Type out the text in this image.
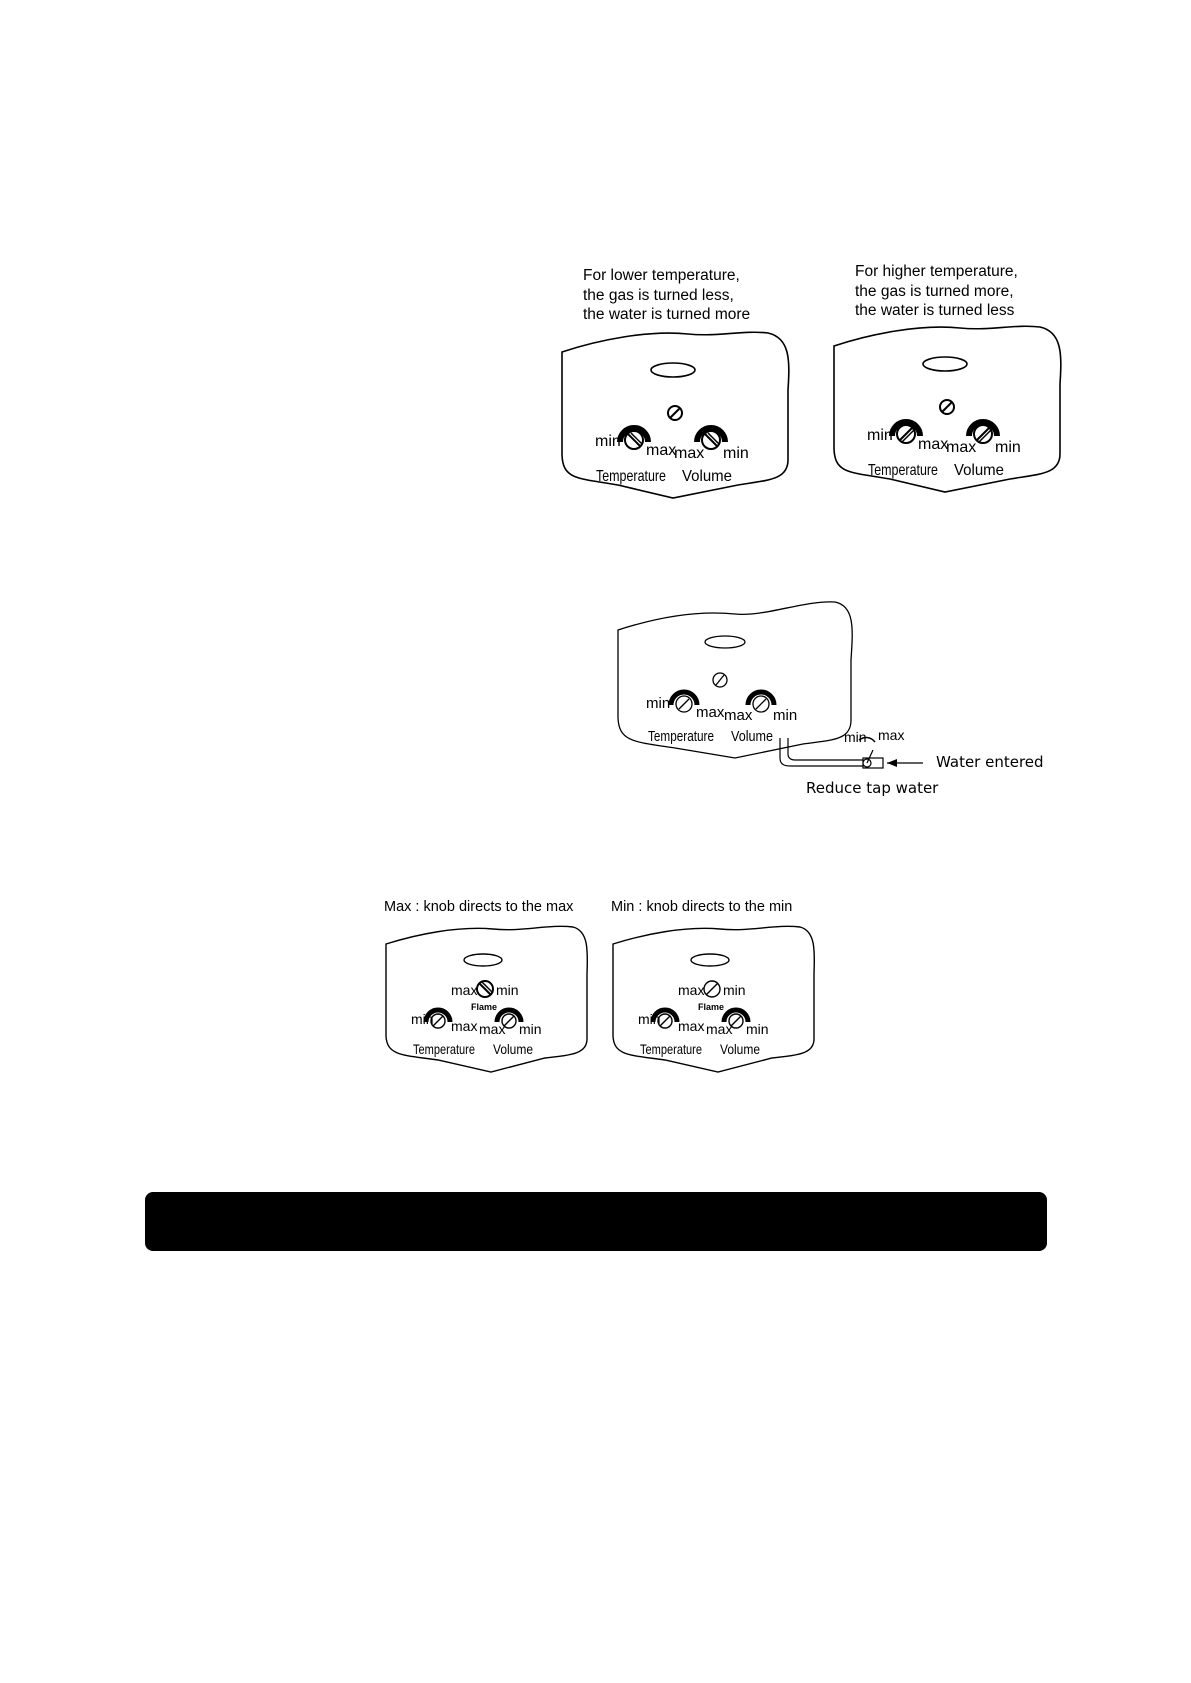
For lower temperature,
the gas is turned less,
the water is turned more
For higher temperature,
the gas is turned more,
the water is turned less
min
max
max min
Temperature Volume
min
max
max min
Temperature Volume
min
max max min
Temperature Volume	min max
Water entered
Reduce tap water
Max : knob directs to the max	Min : knob directs to the min
max min
Flame
min max max min
Temperature Volume
max min
Flame
min max max min
Temperature Volume
